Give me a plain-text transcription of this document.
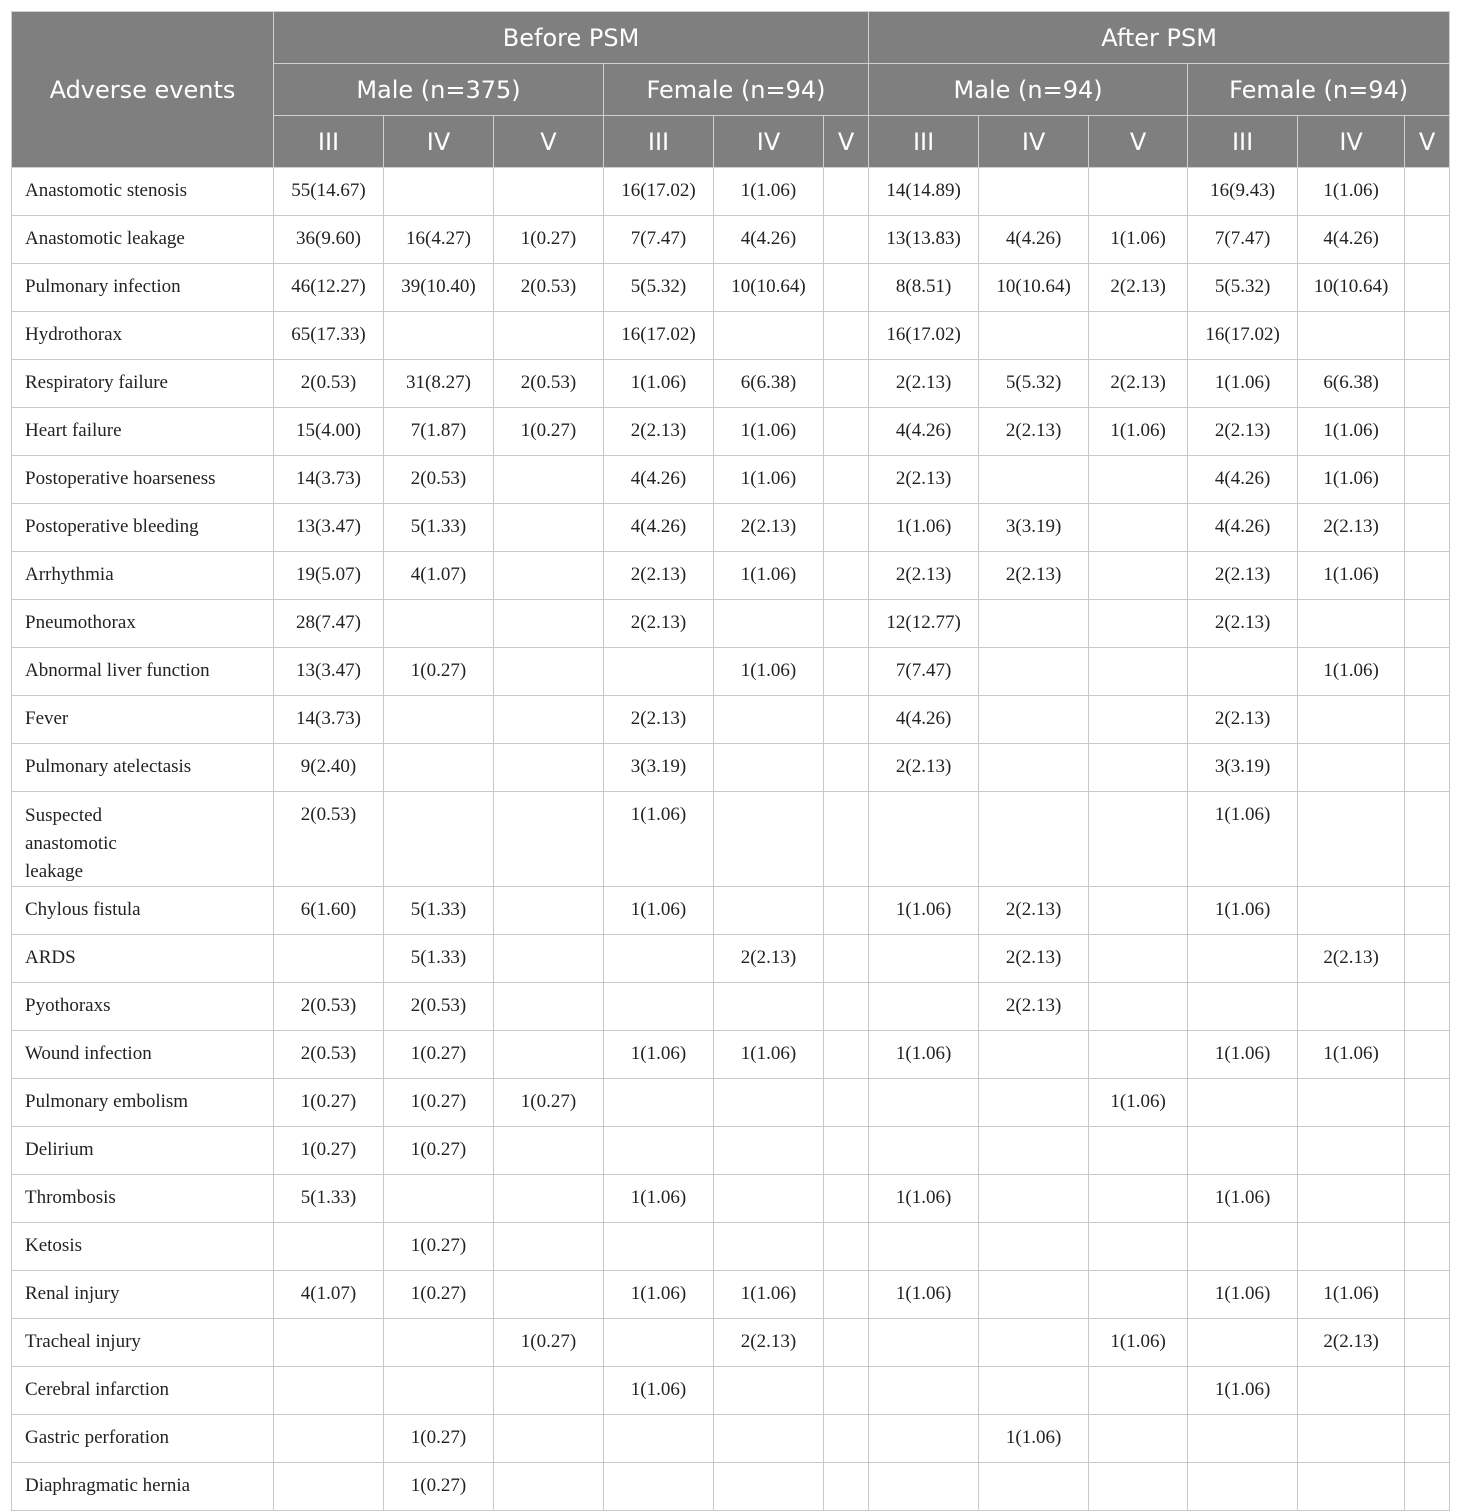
Adverse events	Before PSM						After PSM					
	Male (n=375)			Female (n=94)			Male (n=94)			Female (n=94)		
	III	IV	V	III	IV	V	III	IV	V	III	IV	V
Anastomotic stenosis	55(14.67)			16(17.02)	1(1.06)		14(14.89)			16(9.43)	1(1.06)	
Anastomotic leakage	36(9.60)	16(4.27)	1(0.27)	7(7.47)	4(4.26)		13(13.83)	4(4.26)	1(1.06)	7(7.47)	4(4.26)	
Pulmonary infection	46(12.27)	39(10.40)	2(0.53)	5(5.32)	10(10.64)		8(8.51)	10(10.64)	2(2.13)	5(5.32)	10(10.64)	
Hydrothorax	65(17.33)			16(17.02)			16(17.02)			16(17.02)		
Respiratory failure	2(0.53)	31(8.27)	2(0.53)	1(1.06)	6(6.38)		2(2.13)	5(5.32)	2(2.13)	1(1.06)	6(6.38)	
Heart failure	15(4.00)	7(1.87)	1(0.27)	2(2.13)	1(1.06)		4(4.26)	2(2.13)	1(1.06)	2(2.13)	1(1.06)	
Postoperative hoarseness	14(3.73)	2(0.53)		4(4.26)	1(1.06)		2(2.13)			4(4.26)	1(1.06)	
Postoperative bleeding	13(3.47)	5(1.33)		4(4.26)	2(2.13)		1(1.06)	3(3.19)		4(4.26)	2(2.13)	
Arrhythmia	19(5.07)	4(1.07)		2(2.13)	1(1.06)		2(2.13)	2(2.13)		2(2.13)	1(1.06)	
Pneumothorax	28(7.47)			2(2.13)			12(12.77)			2(2.13)		
Abnormal liver function	13(3.47)	1(0.27)			1(1.06)		7(7.47)				1(1.06)	
Fever	14(3.73)			2(2.13)			4(4.26)			2(2.13)		
Pulmonary atelectasis	9(2.40)			3(3.19)			2(2.13)			3(3.19)		
Suspected anastomotic leakage	2(0.53)			1(1.06)						1(1.06)		
Chylous fistula	6(1.60)	5(1.33)		1(1.06)			1(1.06)	2(2.13)		1(1.06)		
ARDS		5(1.33)			2(2.13)			2(2.13)			2(2.13)	
Pyothoraxs	2(0.53)	2(0.53)						2(2.13)				
Wound infection	2(0.53)	1(0.27)		1(1.06)	1(1.06)		1(1.06)			1(1.06)	1(1.06)	
Pulmonary embolism	1(0.27)	1(0.27)	1(0.27)						1(1.06)			
Delirium	1(0.27)	1(0.27)										
Thrombosis	5(1.33)			1(1.06)			1(1.06)			1(1.06)		
Ketosis		1(0.27)										
Renal injury	4(1.07)	1(0.27)		1(1.06)	1(1.06)		1(1.06)			1(1.06)	1(1.06)	
Tracheal injury			1(0.27)		2(2.13)				1(1.06)		2(2.13)	
Cerebral infarction				1(1.06)						1(1.06)		
Gastric perforation		1(0.27)						1(1.06)				
Diaphragmatic hernia		1(0.27)										
